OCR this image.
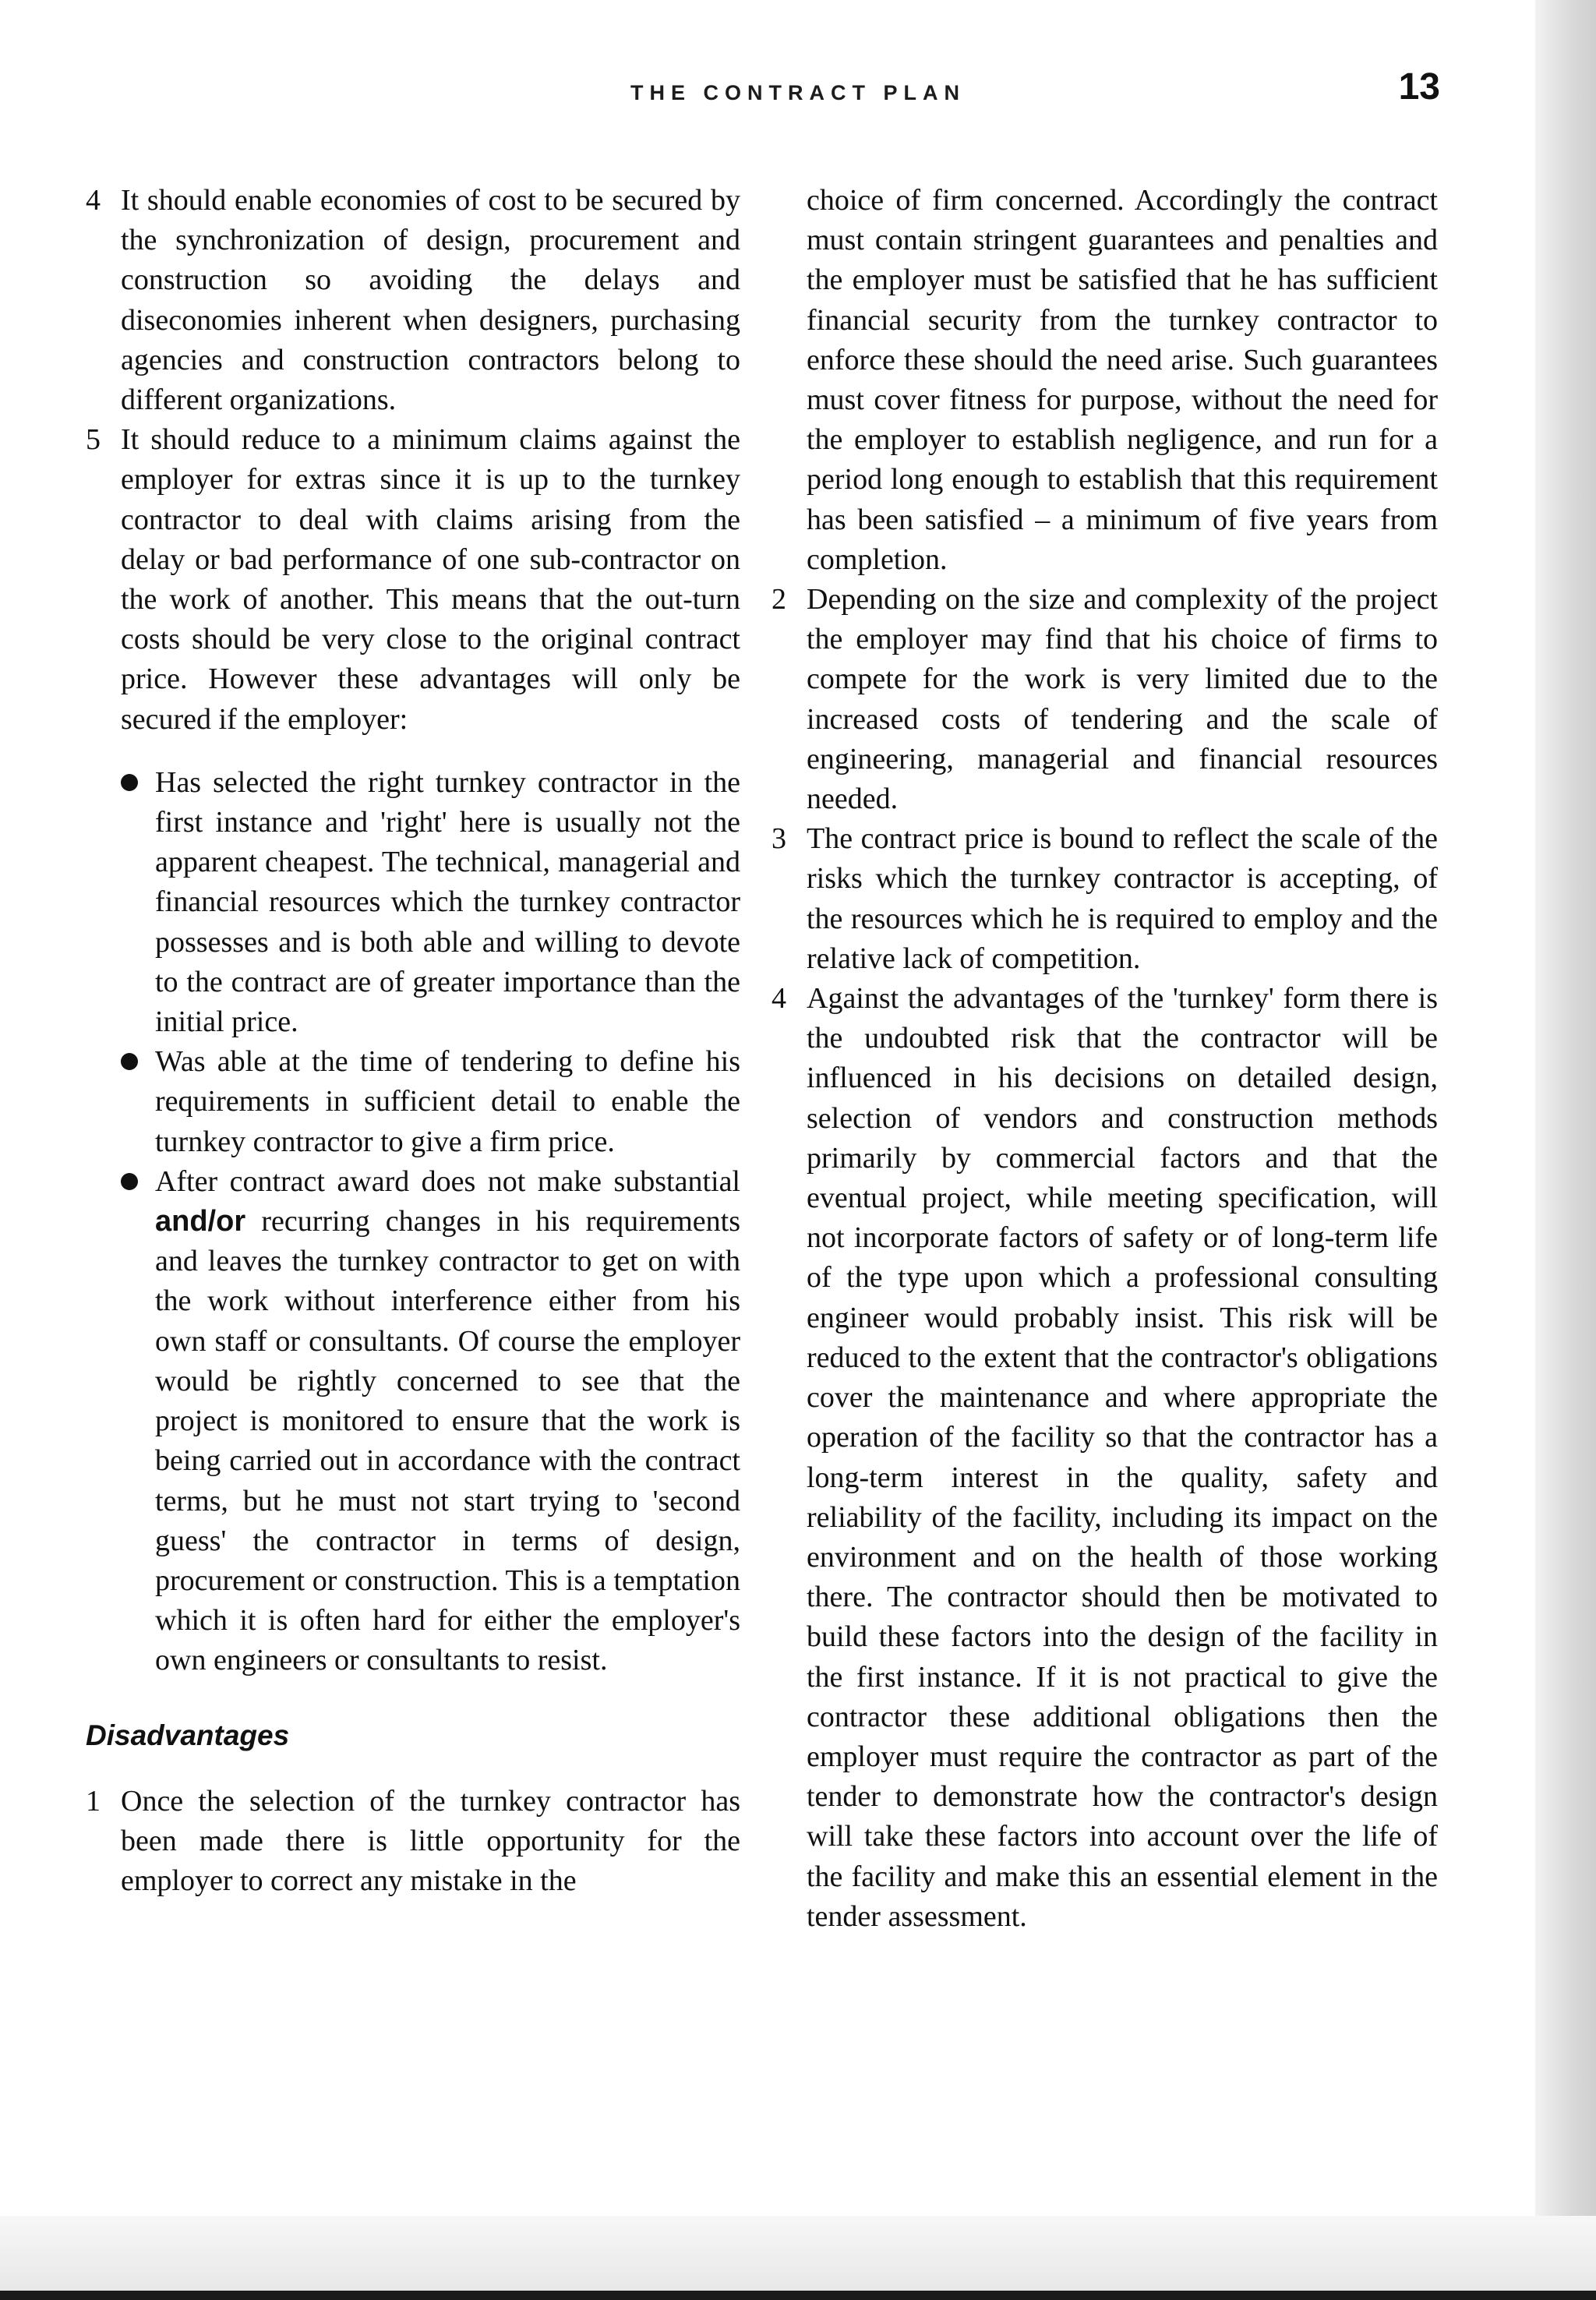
THE CONTRACT PLAN	13
4 It should enable economies of cost to be secured by the synchronization of design, procurement and construction so avoiding the delays and diseconomies inherent when designers, purchasing agencies and construction contractors belong to different organizations.
5 It should reduce to a minimum claims against the employer for extras since it is up to the turnkey contractor to deal with claims arising from the delay or bad performance of one sub-contractor on the work of another. This means that the out-turn costs should be very close to the original contract price. However these advantages will only be secured if the employer:
Has selected the right turnkey contractor in the first instance and 'right' here is usually not the apparent cheapest. The technical, managerial and financial resources which the turnkey contractor possesses and is both able and willing to devote to the contract are of greater importance than the initial price.
Was able at the time of tendering to define his requirements in sufficient detail to enable the turnkey contractor to give a firm price.
After contract award does not make substantial and/or recurring changes in his requirements and leaves the turnkey contractor to get on with the work without interference either from his own staff or consultants. Of course the employer would be rightly concerned to see that the project is monitored to ensure that the work is being carried out in accordance with the contract terms, but he must not start trying to 'second guess' the contractor in terms of design, procurement or construction. This is a temptation which it is often hard for either the employer's own engineers or consultants to resist.
Disadvantages
1 Once the selection of the turnkey contractor has been made there is little opportunity for the employer to correct any mistake in the
choice of firm concerned. Accordingly the contract must contain stringent guarantees and penalties and the employer must be satisfied that he has sufficient financial security from the turnkey contractor to enforce these should the need arise. Such guarantees must cover fitness for purpose, without the need for the employer to establish negligence, and run for a period long enough to establish that this requirement has been satisfied – a minimum of five years from completion.
2 Depending on the size and complexity of the project the employer may find that his choice of firms to compete for the work is very limited due to the increased costs of tendering and the scale of engineering, managerial and financial resources needed.
3 The contract price is bound to reflect the scale of the risks which the turnkey contractor is accepting, of the resources which he is required to employ and the relative lack of competition.
4 Against the advantages of the 'turnkey' form there is the undoubted risk that the contractor will be influenced in his decisions on detailed design, selection of vendors and construction methods primarily by commercial factors and that the eventual project, while meeting specification, will not incorporate factors of safety or of long-term life of the type upon which a professional consulting engineer would probably insist. This risk will be reduced to the extent that the contractor's obligations cover the maintenance and where appropriate the operation of the facility so that the contractor has a long-term interest in the quality, safety and reliability of the facility, including its impact on the environment and on the health of those working there. The contractor should then be motivated to build these factors into the design of the facility in the first instance. If it is not practical to give the contractor these additional obligations then the employer must require the contractor as part of the tender to demonstrate how the contractor's design will take these factors into account over the life of the facility and make this an essential element in the tender assessment.
